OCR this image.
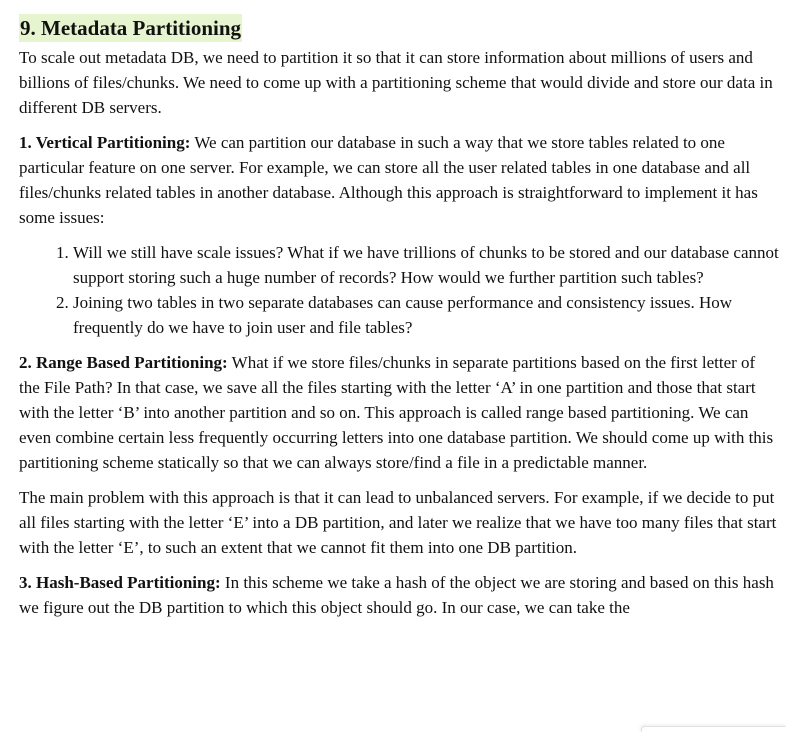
9. Metadata Partitioning

To scale out metadata DB, we need to partition it so that it can store information about millions of users and billions of files/chunks. We need to come up with a partitioning scheme that would divide and store our data in different DB servers.

1. Vertical Partitioning: We can partition our database in such a way that we store tables related to one particular feature on one server. For example, we can store all the user related tables in one database and all files/chunks related tables in another database. Although this approach is straightforward to implement it has some issues:

1. Will we still have scale issues? What if we have trillions of chunks to be stored and our database cannot support storing such a huge number of records? How would we further partition such tables?
2. Joining two tables in two separate databases can cause performance and consistency issues. How frequently do we have to join user and file tables?

2. Range Based Partitioning: What if we store files/chunks in separate partitions based on the first letter of the File Path? In that case, we save all the files starting with the letter ‘A’ in one partition and those that start with the letter ‘B’ into another partition and so on. This approach is called range based partitioning. We can even combine certain less frequently occurring letters into one database partition. We should come up with this partitioning scheme statically so that we can always store/find a file in a predictable manner.

The main problem with this approach is that it can lead to unbalanced servers. For example, if we decide to put all files starting with the letter ‘E’ into a DB partition, and later we realize that we have too many files that start with the letter ‘E’, to such an extent that we cannot fit them into one DB partition.

3. Hash-Based Partitioning: In this scheme we take a hash of the object we are storing and based on this hash we figure out the DB partition to which this object should go. In our case, we can take the
